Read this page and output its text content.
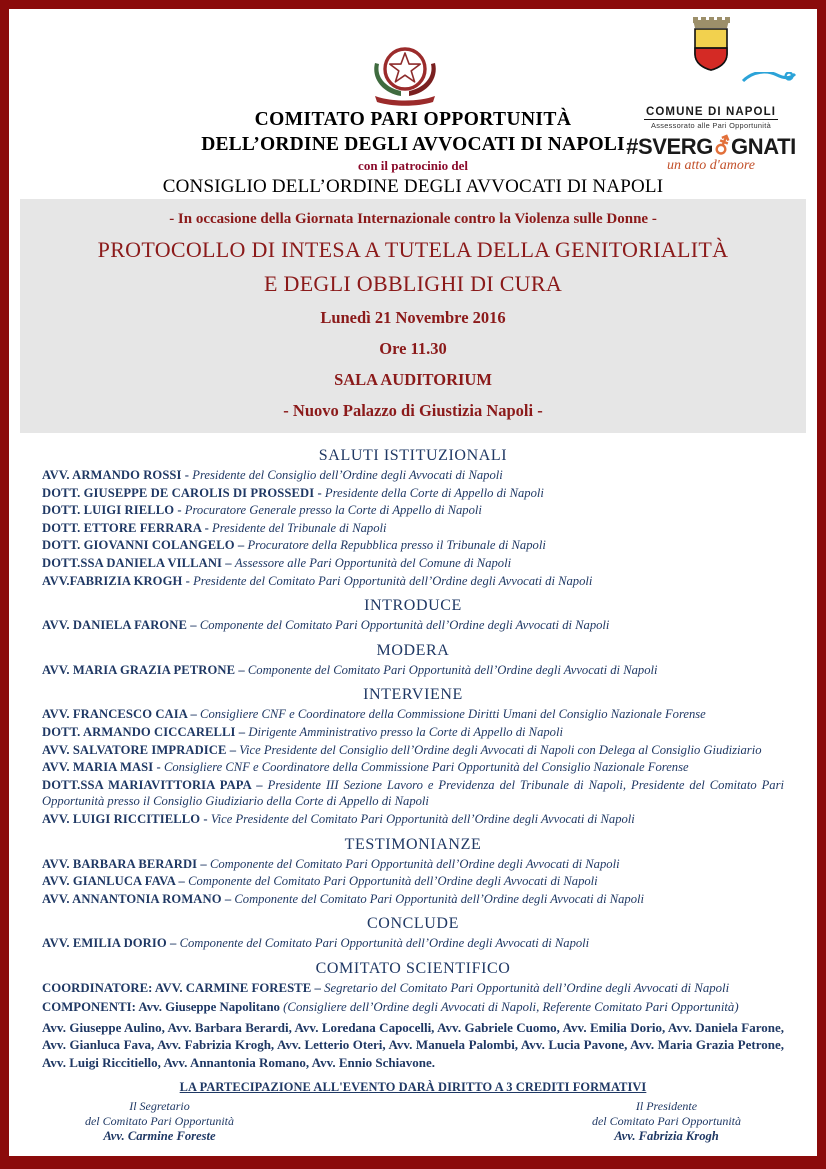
COMUNE DI NAPOLI
Assessorato alle Pari Opportunità
#SVERG⚦GNATI
un atto d'amore
COMITATO PARI OPPORTUNITÀ
DELL’ORDINE DEGLI AVVOCATI DI NAPOLI
con il patrocinio del
CONSIGLIO DELL’ORDINE DEGLI AVVOCATI DI NAPOLI
- In occasione della Giornata Internazionale contro la Violenza sulle Donne -
PROTOCOLLO DI INTESA A TUTELA DELLA GENITORIALITÀ
E DEGLI OBBLIGHI DI CURA
Lunedì 21 Novembre 2016
Ore 11.30
SALA AUDITORIUM
- Nuovo Palazzo di Giustizia Napoli -
SALUTI ISTITUZIONALI
AVV. ARMANDO ROSSI - Presidente del Consiglio dell’Ordine degli Avvocati di Napoli
DOTT. GIUSEPPE DE CAROLIS DI PROSSEDI - Presidente della Corte di Appello di Napoli
DOTT. LUIGI RIELLO - Procuratore Generale presso la Corte di Appello di Napoli
DOTT. ETTORE FERRARA - Presidente del Tribunale di Napoli
DOTT. GIOVANNI COLANGELO – Procuratore della Repubblica presso il Tribunale di Napoli
DOTT.SSA DANIELA VILLANI – Assessore alle Pari Opportunità del Comune di Napoli
AVV.FABRIZIA KROGH - Presidente del Comitato Pari Opportunità dell’Ordine degli Avvocati di Napoli
INTRODUCE
AVV. DANIELA FARONE – Componente del Comitato Pari Opportunità dell’Ordine degli Avvocati di Napoli
MODERA
AVV. MARIA GRAZIA PETRONE – Componente del Comitato Pari Opportunità dell’Ordine degli Avvocati di Napoli
INTERVIENE
AVV. FRANCESCO CAIA – Consigliere CNF e Coordinatore della Commissione Diritti Umani del Consiglio Nazionale Forense
DOTT. ARMANDO CICCARELLI – Dirigente Amministrativo presso la Corte di Appello di Napoli
AVV. SALVATORE IMPRADICE – Vice Presidente del Consiglio dell’Ordine degli Avvocati di Napoli con Delega al Consiglio Giudiziario
AVV. MARIA MASI - Consigliere CNF e Coordinatore della Commissione Pari Opportunità del Consiglio Nazionale Forense
DOTT.SSA MARIAVITTORIA PAPA – Presidente III Sezione Lavoro e Previdenza del Tribunale di Napoli, Presidente del Comitato Pari Opportunità presso il Consiglio Giudiziario della Corte di Appello di Napoli
AVV. LUIGI RICCITIELLO - Vice Presidente del Comitato Pari Opportunità dell’Ordine degli Avvocati di Napoli
TESTIMONIANZE
AVV. BARBARA BERARDI – Componente del Comitato Pari Opportunità dell’Ordine degli Avvocati di Napoli
AVV. GIANLUCA FAVA – Componente del Comitato Pari Opportunità dell’Ordine degli Avvocati di Napoli
AVV. ANNANTONIA ROMANO – Componente del Comitato Pari Opportunità dell’Ordine degli Avvocati di Napoli
CONCLUDE
AVV. EMILIA DORIO – Componente del Comitato Pari Opportunità dell’Ordine degli Avvocati di Napoli
COMITATO SCIENTIFICO
COORDINATORE: AVV. CARMINE FORESTE – Segretario del Comitato Pari Opportunità dell’Ordine degli Avvocati di Napoli
COMPONENTI: Avv. Giuseppe Napolitano (Consigliere dell’Ordine degli Avvocati di Napoli, Referente Comitato Pari Opportunità)
Avv. Giuseppe Aulino, Avv. Barbara Berardi, Avv. Loredana Capocelli, Avv. Gabriele Cuomo, Avv. Emilia Dorio, Avv. Daniela Farone, Avv. Gianluca Fava, Avv. Fabrizia Krogh, Avv. Letterio Oteri, Avv. Manuela Palombi, Avv. Lucia Pavone, Avv. Maria Grazia Petrone, Avv. Luigi Riccitiello, Avv. Annantonia Romano, Avv. Ennio Schiavone.
LA PARTECIPAZIONE ALL'EVENTO DARÀ DIRITTO A 3 CREDITI FORMATIVI
Il Segretario
del Comitato Pari Opportunità
Avv. Carmine Foreste
Il Presidente
del Comitato Pari Opportunità
Avv. Fabrizia Krogh
